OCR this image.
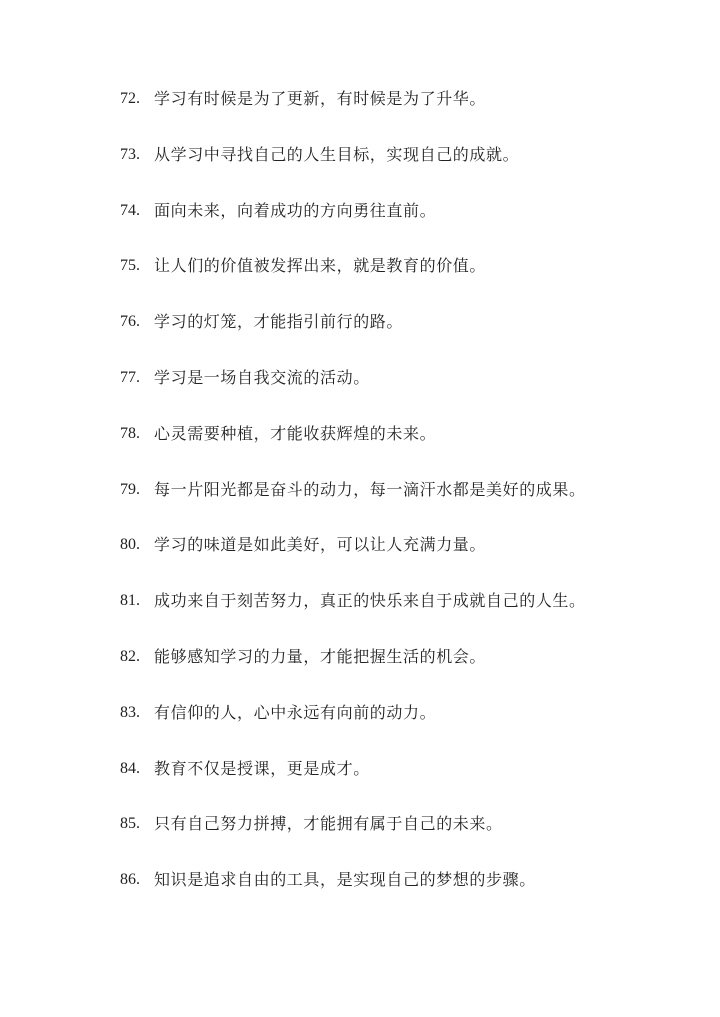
72. 学习有时候是为了更新，有时候是为了升华。
73. 从学习中寻找自己的人生目标，实现自己的成就。
74. 面向未来，向着成功的方向勇往直前。
75. 让人们的价值被发挥出来，就是教育的价值。
76. 学习的灯笼，才能指引前行的路。
77. 学习是一场自我交流的活动。
78. 心灵需要种植，才能收获辉煌的未来。
79. 每一片阳光都是奋斗的动力，每一滴汗水都是美好的成果。
80. 学习的味道是如此美好，可以让人充满力量。
81. 成功来自于刻苦努力，真正的快乐来自于成就自己的人生。
82. 能够感知学习的力量，才能把握生活的机会。
83. 有信仰的人，心中永远有向前的动力。
84. 教育不仅是授课，更是成才。
85. 只有自己努力拼搏，才能拥有属于自己的未来。
86. 知识是追求自由的工具，是实现自己的梦想的步骤。
